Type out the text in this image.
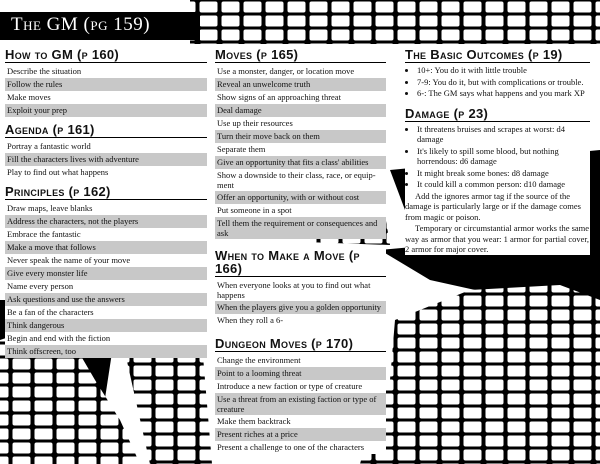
The GM (pg 159)
How to GM (p 160)
Describe the situation
Follow the rules
Make moves
Exploit your prep
Agenda (p 161)
Portray a fantastic world
Fill the characters lives with adventure
Play to find out what happens
Principles (p 162)
Draw maps, leave blanks
Address the characters, not the players
Embrace the fantastic
Make a move that follows
Never speak the name of your move
Give every monster life
Name every person
Ask questions and use the answers
Be a fan of the characters
Think dangerous
Begin and end with the fiction
Think offscreen, too
Moves (p 165)
Use a monster, danger, or location move
Reveal an unwelcome truth
Show signs of an approaching threat
Deal damage
Use up their resources
Turn their move back on them
Separate them
Give an opportunity that fits a class' abilities
Show a downside to their class, race, or equip-ment
Offer an opportunity, with or without cost
Put someone in a spot
Tell them the requirement or consequences and ask
When to Make a Move (p 166)
When everyone looks at you to find out what happens
When the players give you a golden opportunity
When they roll a 6-
Dungeon Moves (p 170)
Change the environment
Point to a looming threat
Introduce a new faction or type of creature
Use a threat from an existing faction or type of creature
Make them backtrack
Present riches at a price
Present a challenge to one of the characters
The Basic Outcomes (p 19)
• 10+: You do it with little trouble
• 7-9: You do it, but with complications or trouble.
• 6-: The GM says what happens and you mark XP
Damage (p 23)
• It threatens bruises and scrapes at worst: d4 damage
• It's likely to spill some blood, but nothing horrendous: d6 damage
• It might break some bones: d8 damage
• It could kill a common person: d10 damage

Add the ignores armor tag if the source of the damage is particularly large or if the damage comes from magic or poison.

Temporary or circumstantial armor works the same way as armor that you wear: 1 armor for partial cover, 2 armor for major cover.
